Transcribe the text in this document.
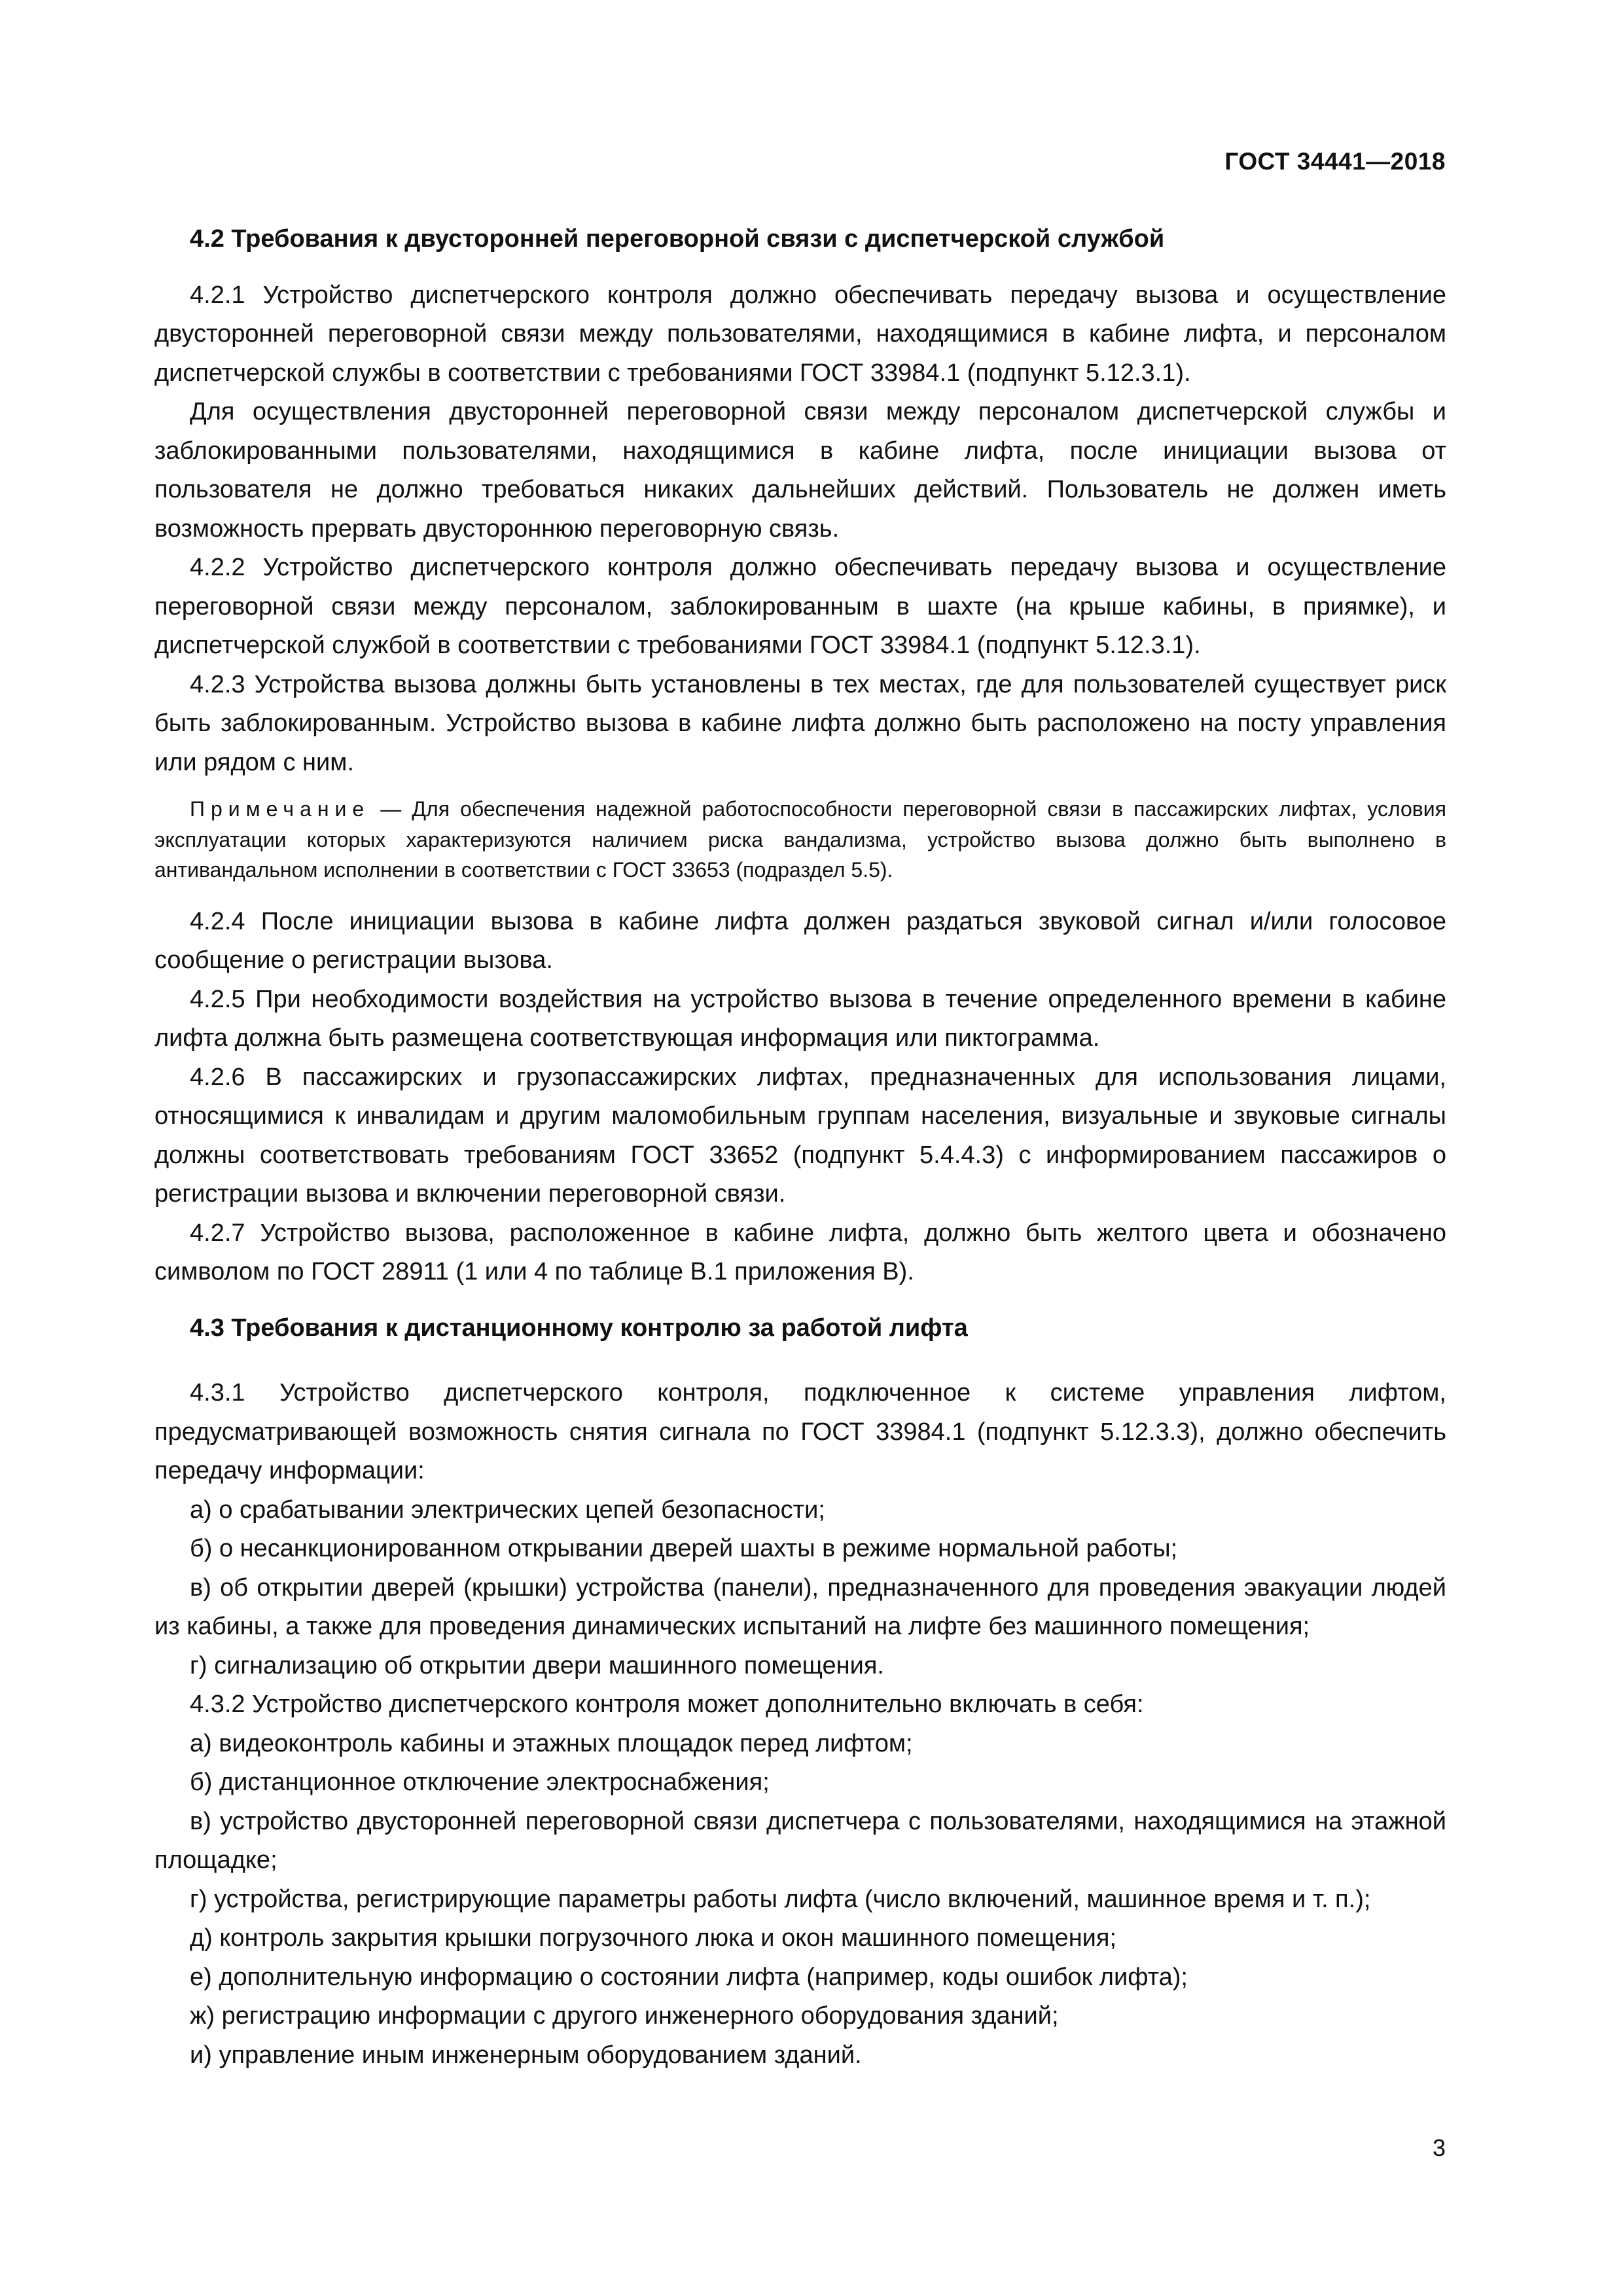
ГОСТ 34441—2018
4.2 Требования к двусторонней переговорной связи с диспетчерской службой

4.2.1 Устройство диспетчерского контроля должно обеспечивать передачу вызова и осуществление двусторонней переговорной связи между пользователями, находящимися в кабине лифта, и персоналом диспетчерской службы в соответствии с требованиями ГОСТ 33984.1 (подпункт 5.12.3.1).

Для осуществления двусторонней переговорной связи между персоналом диспетчерской службы и заблокированными пользователями, находящимися в кабине лифта, после инициации вызова от пользователя не должно требоваться никаких дальнейших действий. Пользователь не должен иметь возможность прервать двустороннюю переговорную связь.

4.2.2 Устройство диспетчерского контроля должно обеспечивать передачу вызова и осуществление переговорной связи между персоналом, заблокированным в шахте (на крыше кабины, в приямке), и диспетчерской службой в соответствии с требованиями ГОСТ 33984.1 (подпункт 5.12.3.1).

4.2.3 Устройства вызова должны быть установлены в тех местах, где для пользователей существует риск быть заблокированным. Устройство вызова в кабине лифта должно быть расположено на посту управления или рядом с ним.

Примечание — Для обеспечения надежной работоспособности переговорной связи в пассажирских лифтах, условия эксплуатации которых характеризуются наличием риска вандализма, устройство вызова должно быть выполнено в антивандальном исполнении в соответствии с ГОСТ 33653 (подраздел 5.5).

4.2.4 После инициации вызова в кабине лифта должен раздаться звуковой сигнал и/или голосовое сообщение о регистрации вызова.

4.2.5 При необходимости воздействия на устройство вызова в течение определенного времени в кабине лифта должна быть размещена соответствующая информация или пиктограмма.

4.2.6 В пассажирских и грузопассажирских лифтах, предназначенных для использования лицами, относящимися к инвалидам и другим маломобильным группам населения, визуальные и звуковые сигналы должны соответствовать требованиям ГОСТ 33652 (подпункт 5.4.4.3) с информированием пассажиров о регистрации вызова и включении переговорной связи.

4.2.7 Устройство вызова, расположенное в кабине лифта, должно быть желтого цвета и обозначено символом по ГОСТ 28911 (1 или 4 по таблице В.1 приложения В).

4.3 Требования к дистанционному контролю за работой лифта

4.3.1 Устройство диспетчерского контроля, подключенное к системе управления лифтом, предусматривающей возможность снятия сигнала по ГОСТ 33984.1 (подпункт 5.12.3.3), должно обеспечить передачу информации:

а) о срабатывании электрических цепей безопасности;

б) о несанкционированном открывании дверей шахты в режиме нормальной работы;

в) об открытии дверей (крышки) устройства (панели), предназначенного для проведения эвакуации людей из кабины, а также для проведения динамических испытаний на лифте без машинного помещения;

г) сигнализацию об открытии двери машинного помещения.

4.3.2 Устройство диспетчерского контроля может дополнительно включать в себя:

а) видеоконтроль кабины и этажных площадок перед лифтом;

б) дистанционное отключение электроснабжения;

в) устройство двусторонней переговорной связи диспетчера с пользователями, находящимися на этажной площадке;

г) устройства, регистрирующие параметры работы лифта (число включений, машинное время и т. п.);

д) контроль закрытия крышки погрузочного люка и окон машинного помещения;

е) дополнительную информацию о состоянии лифта (например, коды ошибок лифта);

ж) регистрацию информации с другого инженерного оборудования зданий;

и) управление иным инженерным оборудованием зданий.

3
